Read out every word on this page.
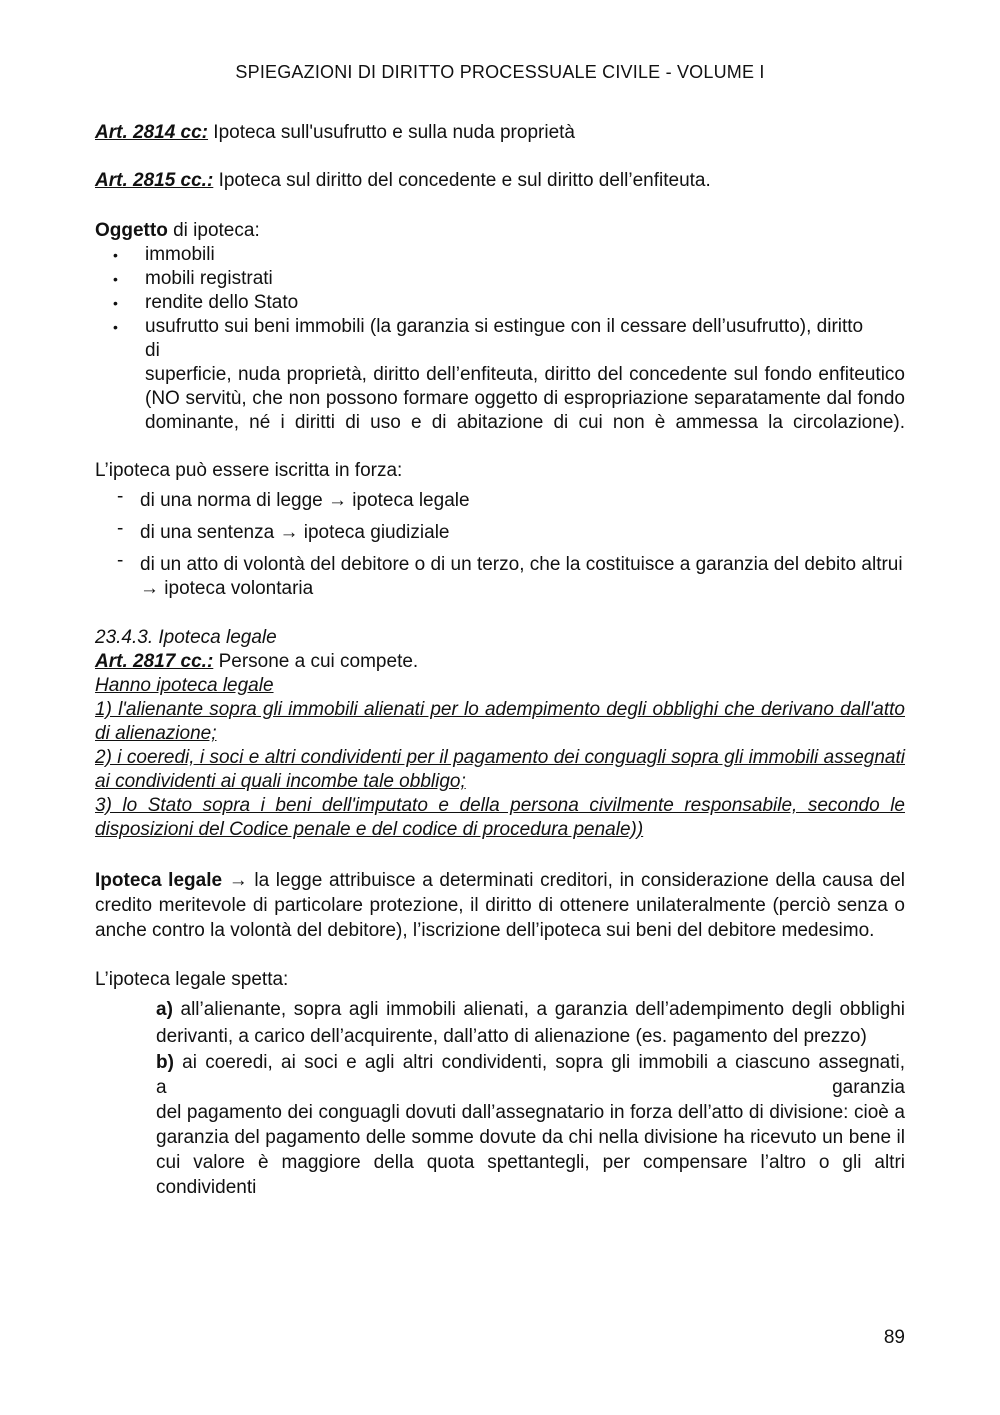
SPIEGAZIONI DI DIRITTO PROCESSUALE CIVILE - VOLUME I

Art. 2814 cc: Ipoteca sull'usufrutto e sulla nuda proprietà

Art. 2815 cc.: Ipoteca sul diritto del concedente e sul diritto dell’enfiteuta.

Oggetto di ipoteca:

• immobili
• mobili registrati
• rendite dello Stato
• usufrutto sui beni immobili (la garanzia si estingue con il cessare dell’usufrutto), diritto
di
superficie, nuda proprietà, diritto dell’enfiteuta, diritto del concedente sul fondo enfiteutico (NO servitù, che non possono formare oggetto di espropriazione separatamente dal fondo dominante, né i diritti di uso e di abitazione di cui non è ammessa la circolazione).

L’ipoteca può essere iscritta in forza:

- di una norma di legge → ipoteca legale
- di una sentenza → ipoteca giudiziale
- di un atto di volontà del debitore o di un terzo, che la costituisce a garanzia del debito altrui → ipoteca volontaria

23.4.3. Ipoteca legale

Art. 2817 cc.: Persone a cui compete.

Hanno ipoteca legale

1) l'alienante sopra gli immobili alienati per lo adempimento degli obblighi che derivano dall'atto di alienazione;

2) i coeredi, i soci e altri condividenti per il pagamento dei conguagli sopra gli immobili assegnati ai condividenti ai quali incombe tale obbligo;

3) lo Stato sopra i beni dell'imputato e della persona civilmente responsabile, secondo le disposizioni del Codice penale e del codice di procedura penale))

Ipoteca legale → la legge attribuisce a determinati creditori, in considerazione della causa del credito meritevole di particolare protezione, il diritto di ottenere unilateralmente (perciò senza o anche contro la volontà del debitore), l’iscrizione dell’ipoteca sui beni del debitore medesimo.

L’ipoteca legale spetta:

a) all’alienante, sopra agli immobili alienati, a garanzia dell’adempimento degli obblighi derivanti, a carico dell’acquirente, dall’atto di alienazione (es. pagamento del prezzo)
b) ai coeredi, ai soci e agli altri condividenti, sopra gli immobili a ciascuno assegnati,
a garanzia
del pagamento dei conguagli dovuti dall’assegnatario in forza dell’atto di divisione: cioè a garanzia del pagamento delle somme dovute da chi nella divisione ha ricevuto un bene il cui valore è maggiore della quota spettantegli, per compensare l’altro o gli altri condividenti
89
